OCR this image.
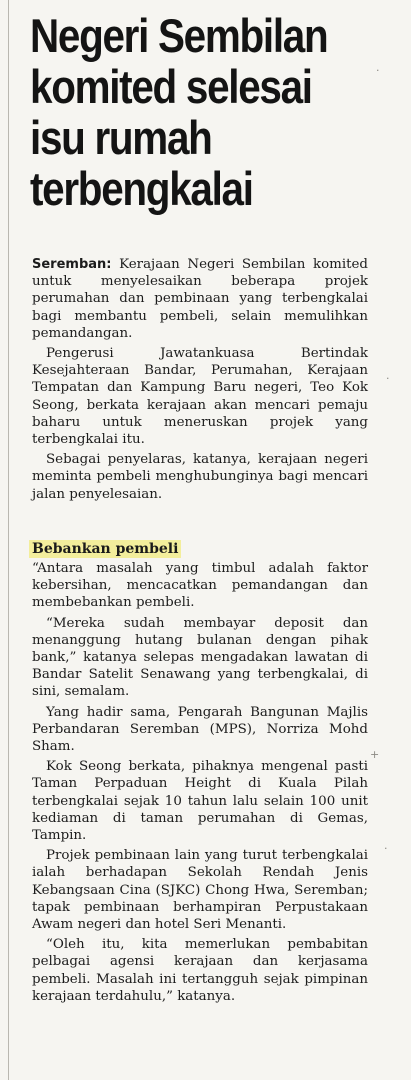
Negeri Sembilan
komited selesai
isu rumah
terbengkalai

Seremban: Kerajaan Negeri Sembilan komited untuk menyelesaikan beberapa projek perumahan dan pembinaan yang terbengkalai bagi membantu pembeli, selain memulihkan pemandangan.

Pengerusi Jawatankuasa Bertindak Kesejahteraan Bandar, Perumahan, Kerajaan Tempatan dan Kampung Baru negeri, Teo Kok Seong, berkata kerajaan akan mencari pemaju baharu untuk meneruskan projek yang terbengkalai itu.

Sebagai penyelaras, katanya, kerajaan negeri meminta pembeli menghubunginya bagi mencari jalan penyelesaian.

Bebankan pembeli

“Antara masalah yang timbul adalah faktor kebersihan, mencacatkan pemandangan dan membebankan pembeli.

“Mereka sudah membayar deposit dan menanggung hutang bulanan dengan pihak bank,” katanya selepas mengadakan lawatan di Bandar Satelit Senawang yang terbengkalai, di sini, semalam.

Yang hadir sama, Pengarah Bangunan Majlis Perbandaran Seremban (MPS), Norriza Mohd Sham.

Kok Seong berkata, pihaknya mengenal pasti Taman Perpaduan Height di Kuala Pilah terbengkalai sejak 10 tahun lalu selain 100 unit kediaman di taman perumahan di Gemas, Tampin.

Projek pembinaan lain yang turut terbengkalai ialah berhadapan Sekolah Rendah Jenis Kebangsaan Cina (SJKC) Chong Hwa, Seremban; tapak pembinaan berhampiran Perpustakaan Awam negeri dan hotel Seri Menanti.

“Oleh itu, kita memerlukan pembabitan pelbagai agensi kerajaan dan kerjasama pembeli. Masalah ini tertangguh sejak pimpinan kerajaan terdahulu,” katanya.

·
·
+
·
